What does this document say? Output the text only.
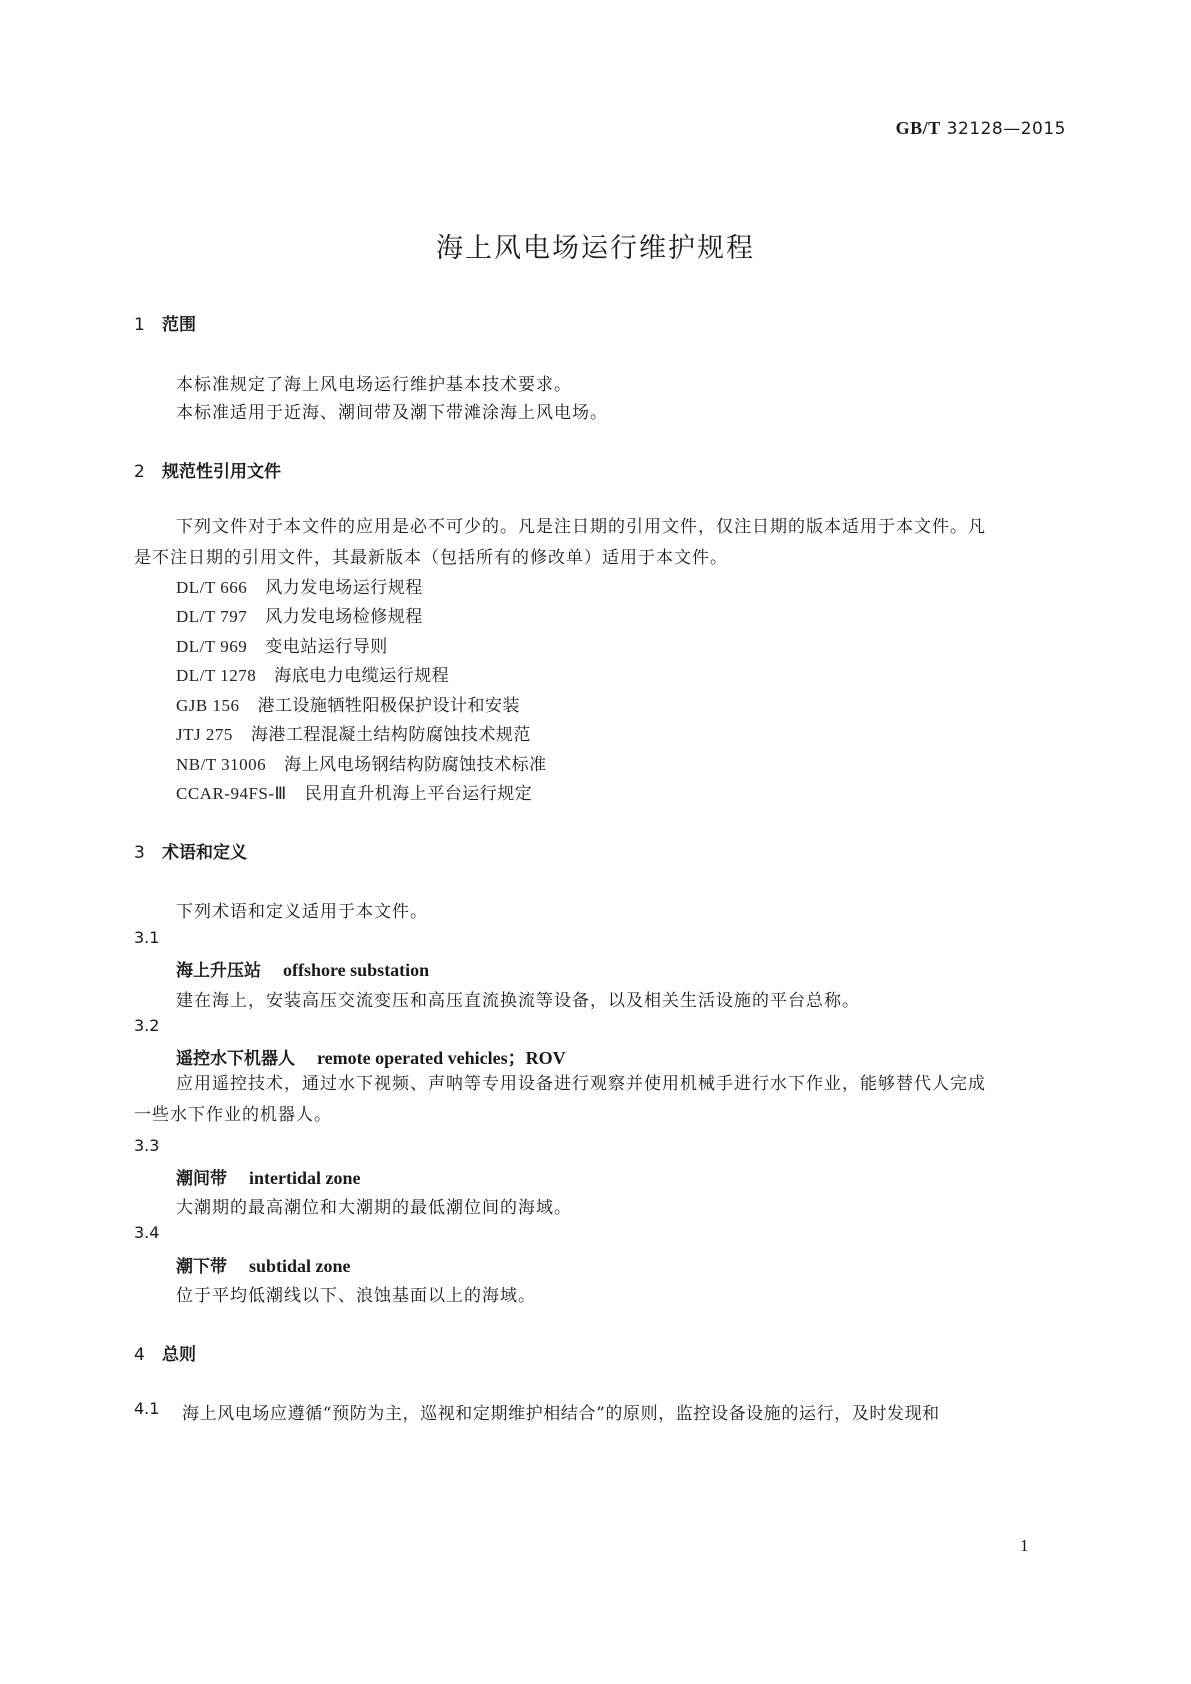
GB/T 32128—2015
海上风电场运行维护规程
1 范围
本标准规定了海上风电场运行维护基本技术要求。
本标准适用于近海、潮间带及潮下带滩涂海上风电场。
2 规范性引用文件
下列文件对于本文件的应用是必不可少的。凡是注日期的引用文件，仅注日期的版本适用于本文件。凡是不注日期的引用文件，其最新版本（包括所有的修改单）适用于本文件。
DL/T 666 风力发电场运行规程
DL/T 797 风力发电场检修规程
DL/T 969 变电站运行导则
DL/T 1278 海底电力电缆运行规程
GJB 156 港工设施牺牲阳极保护设计和安装
JTJ 275 海港工程混凝土结构防腐蚀技术规范
NB/T 31006 海上风电场钢结构防腐蚀技术标准
CCAR-94FS-Ⅲ 民用直升机海上平台运行规定
3 术语和定义
下列术语和定义适用于本文件。
3.1
海上升压站 offshore substation
建在海上，安装高压交流变压和高压直流换流等设备，以及相关生活设施的平台总称。
3.2
遥控水下机器人 remote operated vehicles；ROV
应用遥控技术，通过水下视频、声呐等专用设备进行观察并使用机械手进行水下作业，能够替代人完成一些水下作业的机器人。
3.3
潮间带 intertidal zone
大潮期的最高潮位和大潮期的最低潮位间的海域。
3.4
潮下带 subtidal zone
位于平均低潮线以下、浪蚀基面以上的海域。
4 总则
4.1 海上风电场应遵循“预防为主，巡视和定期维护相结合”的原则，监控设备设施的运行，及时发现和
1
